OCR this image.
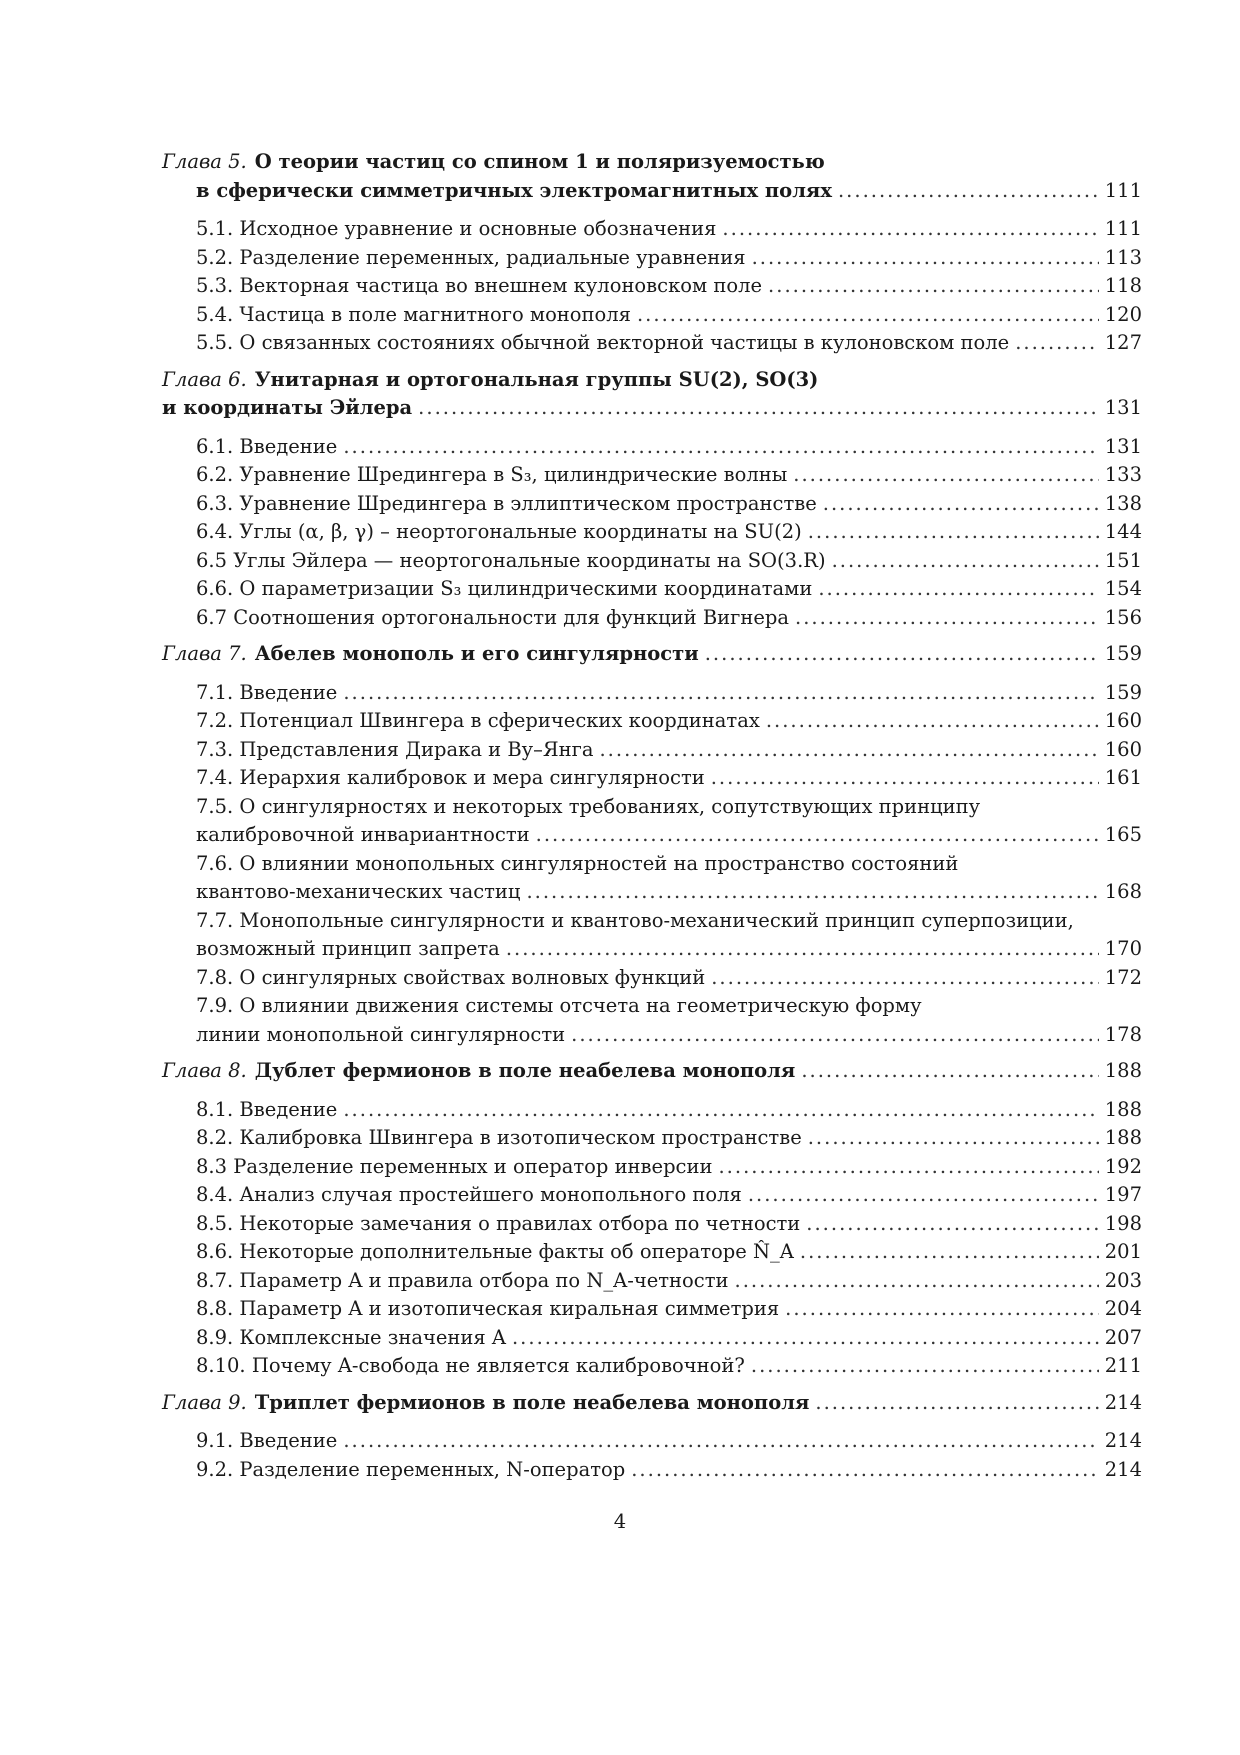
Глава 5. О теории частиц со спином 1 и поляризуемостью
в сферически симметричных электромагнитных полях .....	111
5.1. Исходное уравнение и основные обозначения .....	111
5.2. Разделение переменных, радиальные уравнения .....	113
5.3. Векторная частица во внешнем кулоновском поле .....	118
5.4. Частица в поле магнитного монополя .....	120
5.5. О связанных состояниях обычной векторной частицы в кулоновском поле .....	127
Глава 6. Унитарная и ортогональная группы SU(2), SO(3)
и координаты Эйлера .....	131
6.1. Введение .....	131
6.2. Уравнение Шредингера в S₃, цилиндрические волны .....	133
6.3. Уравнение Шредингера в эллиптическом пространстве .....	138
6.4. Углы (α, β, γ) – неортогональные координаты на SU(2) .....	144
6.5 Углы Эйлера — неортогональные координаты на SO(3.R) .....	151
6.6. О параметризации S₃ цилиндрическими координатами .....	154
6.7 Соотношения ортогональности для функций Вигнера .....	156
Глава 7. Абелев монополь и его сингулярности .....	159
7.1. Введение .....	159
7.2. Потенциал Швингера в сферических координатах .....	160
7.3. Представления Дирака и Ву–Янга .....	160
7.4. Иерархия калибровок и мера сингулярности .....	161
7.5. О сингулярностях и некоторых требованиях, сопутствующих принципу
калибровочной инвариантности .....	165
7.6. О влиянии монопольных сингулярностей на пространство состояний
квантово-механических частиц .....	168
7.7. Монопольные сингулярности и квантово-механический принцип суперпозиции,
возможный принцип запрета .....	170
7.8. О сингулярных свойствах волновых функций .....	172
7.9. О влиянии движения системы отсчета на геометрическую форму
линии монопольной сингулярности .....	178
Глава 8. Дублет фермионов в поле неабелева монополя .....	188
8.1. Введение .....	188
8.2. Калибровка Швингера в изотопическом пространстве .....	188
8.3 Разделение переменных и оператор инверсии .....	192
8.4. Анализ случая простейшего монопольного поля .....	197
8.5. Некоторые замечания о правилах отбора по четности .....	198
8.6. Некоторые дополнительные факты об операторе N̂_A .....	201
8.7. Параметр A и правила отбора по N_A-четности .....	203
8.8. Параметр A и изотопическая киральная симметрия .....	204
8.9. Комплексные значения A .....	207
8.10. Почему A-свобода не является калибровочной? .....	211
Глава 9. Триплет фермионов в поле неабелева монополя .....	214
9.1. Введение .....	214
9.2. Разделение переменных, N-оператор .....	214
4
